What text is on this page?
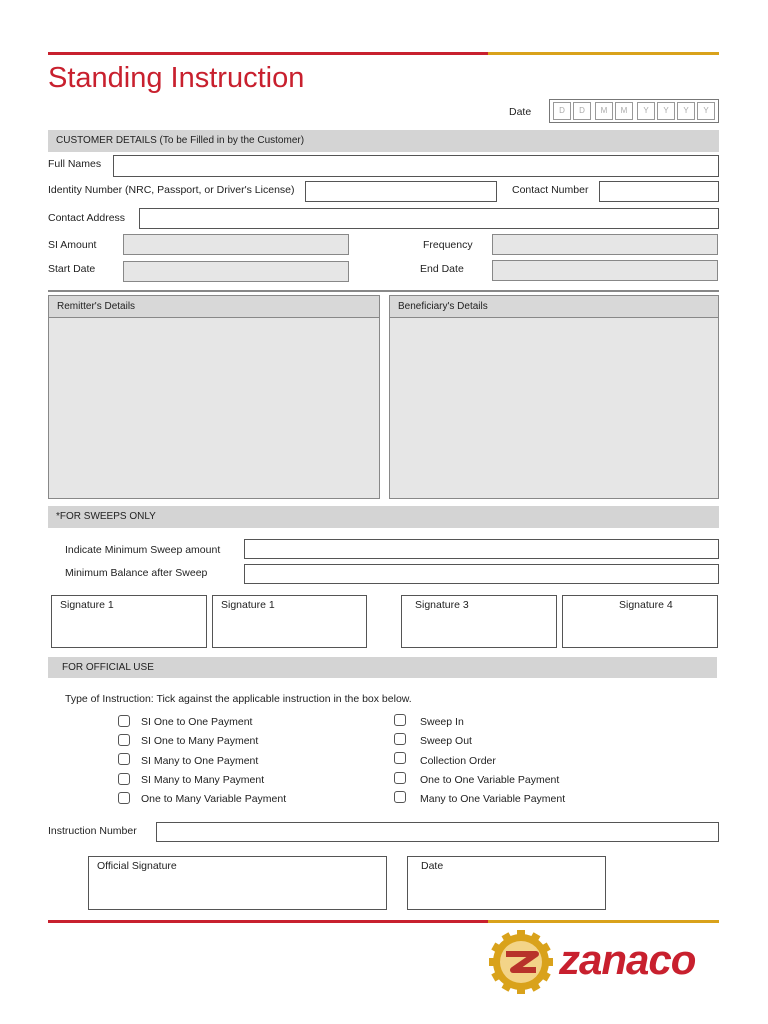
Standing Instruction
Date	D	D	M	M	Y	Y	Y	Y
CUSTOMER DETAILS (To be Filled in by the Customer)
Full Names
Identity Number (NRC, Passport, or Driver's License)	Contact Number
Contact Address
SI Amount	Frequency
Start Date	End Date
Remitter's Details	Beneficiary's Details
*FOR SWEEPS ONLY
Indicate Minimum Sweep amount
Minimum Balance after Sweep
Signature 1	Signature 1	Signature 3	Signature 4
FOR OFFICIAL USE
Type of Instruction: Tick against the applicable instruction in the box below.
SI One to One Payment
SI One to Many Payment
SI Many to One Payment
SI Many to Many Payment
One to Many Variable Payment
Sweep In
Sweep Out
Collection Order
One to One Variable Payment
Many to One Variable Payment
Instruction Number
Official Signature	Date
zanaco
